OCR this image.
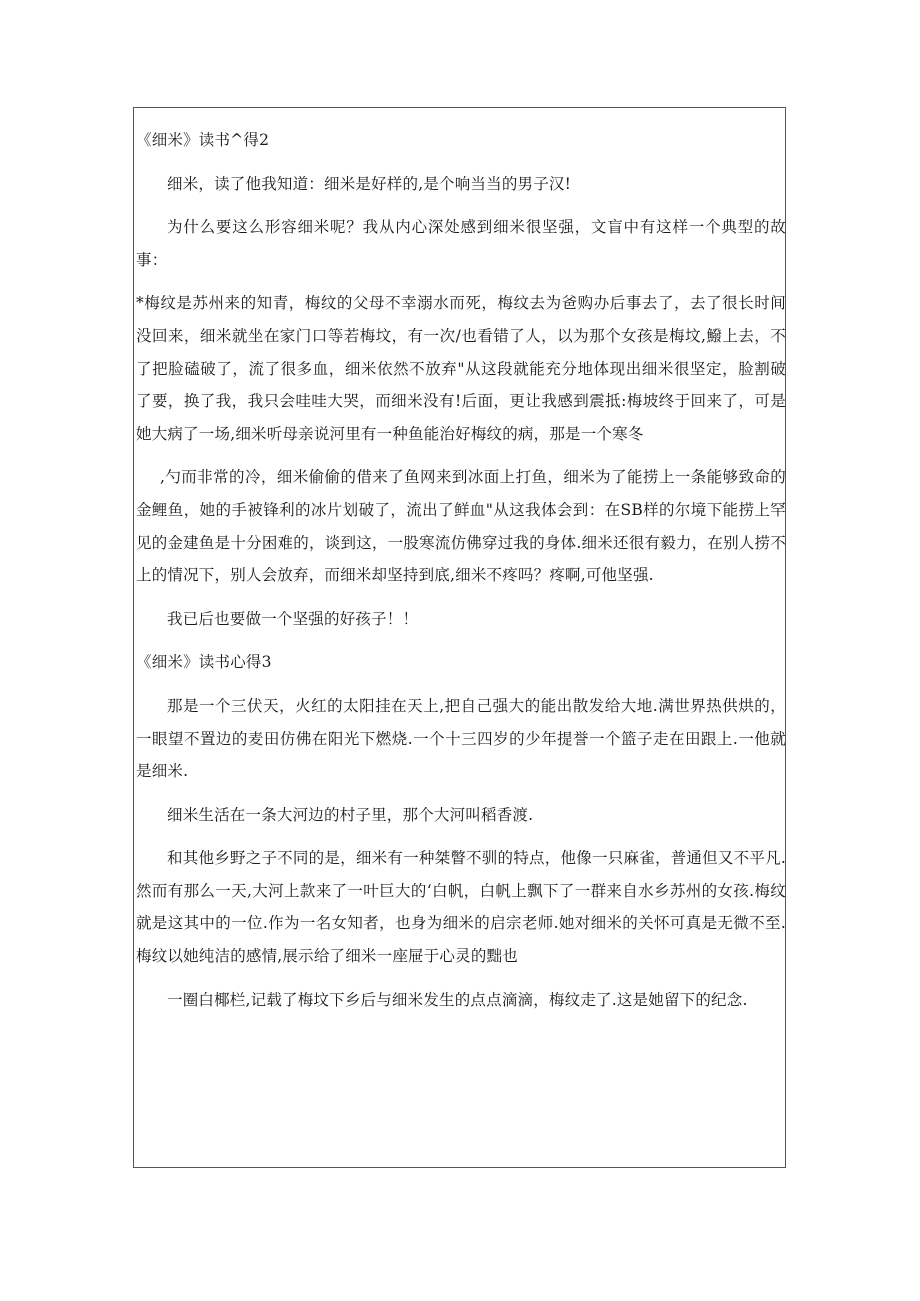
《细米》读书^得2

细米，读了他我知道：细米是好样的,是个响当当的男子汉!

为什么要这么形容细米呢？我从内心深处感到细米很坚强，文盲中有这样一个典型的故事：

*梅纹是苏州来的知青，梅纹的父母不幸溺水而死，梅纹去为爸购办后事去了，去了很长时间没回来，细米就坐在家门口等若梅坟，有一次/也看错了人，以为那个女孩是梅坟,鱍上去，不了把脸磕破了，流了很多血，细米依然不放弃"从这段就能充分地体现出细米很坚定，脸割破了要，换了我，我只会哇哇大哭，而细米没有!后面，更让我感到震抵:梅坡终于回来了，可是她大病了一场,细米听母亲说河里有一种鱼能治好梅纹的病，那是一个寒冬

,勺而非常的冷，细米偷偷的借来了鱼网来到冰面上打鱼，细米为了能捞上一条能够致命的金鲤鱼，她的手被锋利的冰片划破了，流出了鲜血"从这我体会到：在SB样的尔境下能捞上罕见的金建鱼是十分困难的，谈到这，一股寒流仿佛穿过我的身体.细米还很有毅力，在别人捞不上的情况下，别人会放弃，而细米却坚持到底,细米不疼吗？疼啊,可他坚强.

我已后也要做一个坚强的好孩子！！

《细米》读书心得3

那是一个三伏天，火红的太阳挂在天上,把自己强大的能出散发给大地.满世界热供烘的，一眼望不置边的麦田仿佛在阳光下燃烧.一个十三四岁的少年提誉一个篮子走在田跟上.一他就是细米.

细米生活在一条大河边的村子里，那个大河叫稻香渡.

和其他乡野之子不同的是，细米有一种桀瞥不驯的特点，他像一只麻雀，普通但又不平凡.然而有那么一天,大河上款来了一叶巨大的‘白帆，白帆上飘下了一群来自水乡苏州的女孩.梅纹就是这其中的一位.作为一名女知者，也身为细米的启宗老师.她对细米的关怀可真是无微不至.梅纹以她纯洁的感情,展示给了细米一座屉于心灵的黜也

一圈白椰栏,记载了梅坟下乡后与细米发生的点点滴滴，梅纹走了.这是她留下的纪念.
